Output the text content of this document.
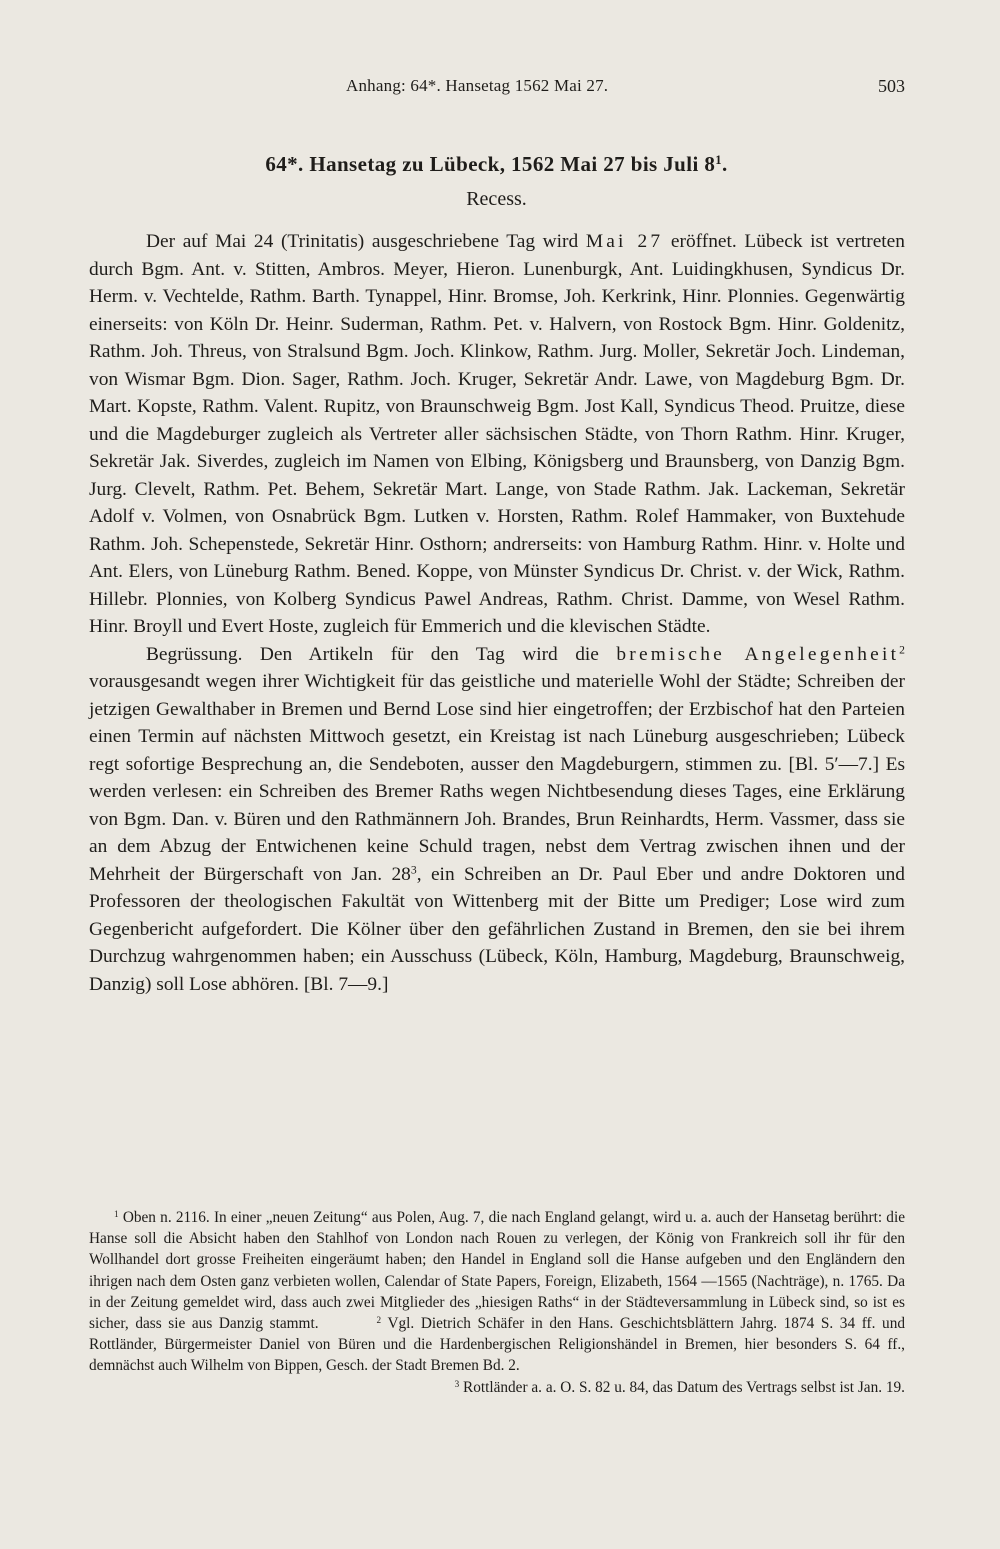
Anhang: 64*. Hansetag 1562 Mai 27.	503
64*. Hansetag zu Lübeck, 1562 Mai 27 bis Juli $8^1$.
Recess.

Der auf Mai 24 (Trinitatis) ausgeschriebene Tag wird Mai 27 eröffnet. Lübeck ist vertreten durch Bgm. Ant. v. Stitten, Ambros. Meyer, Hieron. Lunenburgk, Ant. Luidingkhusen, Syndicus Dr. Herm. v. Vechtelde, Rathm. Barth. Tynappel, Hinr. Bromse, Joh. Kerkrink, Hinr. Plonnies. Gegenwärtig einerseits: von Köln Dr. Heinr. Suderman, Rathm. Pet. v. Halvern, von Rostock Bgm. Hinr. Goldenitz, Rathm. Joh. Threus, von Stralsund Bgm. Joch. Klinkow, Rathm. Jurg. Moller, Sekretär Joch. Lindeman, von Wismar Bgm. Dion. Sager, Rathm. Joch. Kruger, Sekretär Andr. Lawe, von Magdeburg Bgm. Dr. Mart. Kopste, Rathm. Valent. Rupitz, von Braunschweig Bgm. Jost Kall, Syndicus Theod. Pruitze, diese und die Magdeburger zugleich als Vertreter aller sächsischen Städte, von Thorn Rathm. Hinr. Kruger, Sekretär Jak. Siverdes, zugleich im Namen von Elbing, Königsberg und Braunsberg, von Danzig Bgm. Jurg. Clevelt, Rathm. Pet. Behem, Sekretär Mart. Lange, von Stade Rathm. Jak. Lackeman, Sekretär Adolf v. Volmen, von Osnabrück Bgm. Lutken v. Horsten, Rathm. Rolef Hammaker, von Buxtehude Rathm. Joh. Schepenstede, Sekretär Hinr. Osthorn; andrerseits: von Hamburg Rathm. Hinr. v. Holte und Ant. Elers, von Lüneburg Rathm. Bened. Koppe, von Münster Syndicus Dr. Christ. v. der Wick, Rathm. Hillebr. Plonnies, von Kolberg Syndicus Pawel Andreas, Rathm. Christ. Damme, von Wesel Rathm. Hinr. Broyll und Evert Hoste, zugleich für Emmerich und die klevischen Städte.

Begrüssung. Den Artikeln für den Tag wird die bremische Angelegenheit$^2$ vorausgesandt wegen ihrer Wichtigkeit für das geistliche und materielle Wohl der Städte; Schreiben der jetzigen Gewalthaber in Bremen und Bernd Lose sind hier eingetroffen; der Erzbischof hat den Parteien einen Termin auf nächsten Mittwoch gesetzt, ein Kreistag ist nach Lüneburg ausgeschrieben; Lübeck regt sofortige Besprechung an, die Sendeboten, ausser den Magdeburgern, stimmen zu. [Bl. 5′—7.] Es werden verlesen: ein Schreiben des Bremer Raths wegen Nichtbesendung dieses Tages, eine Erklärung von Bgm. Dan. v. Büren und den Rathmännern Joh. Brandes, Brun Reinhardts, Herm. Vassmer, dass sie an dem Abzug der Entwichenen keine Schuld tragen, nebst dem Vertrag zwischen ihnen und der Mehrheit der Bürgerschaft von Jan. $28^3$, ein Schreiben an Dr. Paul Eber und andre Doktoren und Professoren der theologischen Fakultät von Wittenberg mit der Bitte um Prediger; Lose wird zum Gegenbericht aufgefordert. Die Kölner über den gefährlichen Zustand in Bremen, den sie bei ihrem Durchzug wahrgenommen haben; ein Ausschuss (Lübeck, Köln, Hamburg, Magdeburg, Braunschweig, Danzig) soll Lose abhören. [Bl. 7—9.]

$^1$ Oben n. 2116. In einer „neuen Zeitung“ aus Polen, Aug. 7, die nach England gelangt, wird u. a. auch der Hansetag berührt: die Hanse soll die Absicht haben den Stahlhof von London nach Rouen zu verlegen, der König von Frankreich soll ihr für den Wollhandel dort grosse Freiheiten eingeräumt haben; den Handel in England soll die Hanse aufgeben und den Engländern den ihrigen nach dem Osten ganz verbieten wollen, Calendar of State Papers, Foreign, Elizabeth, 1564 —1565 (Nachträge), n. 1765. Da in der Zeitung gemeldet wird, dass auch zwei Mitglieder des „hiesigen Raths“ in der Städteversammlung in Lübeck sind, so ist es sicher, dass sie aus Danzig stammt.	$^2$ Vgl. Dietrich Schäfer in den Hans. Geschichtsblättern Jahrg. 1874 S. 34 ff. und Rottländer, Bürgermeister Daniel von Büren und die Hardenbergischen Religionshändel in Bremen, hier besonders S. 64 ff., demnächst auch Wilhelm von Bippen, Gesch. der Stadt Bremen Bd. 2.
$^3$ Rottländer a. a. O. S. 82 u. 84, das Datum des Vertrags selbst ist Jan. 19.
